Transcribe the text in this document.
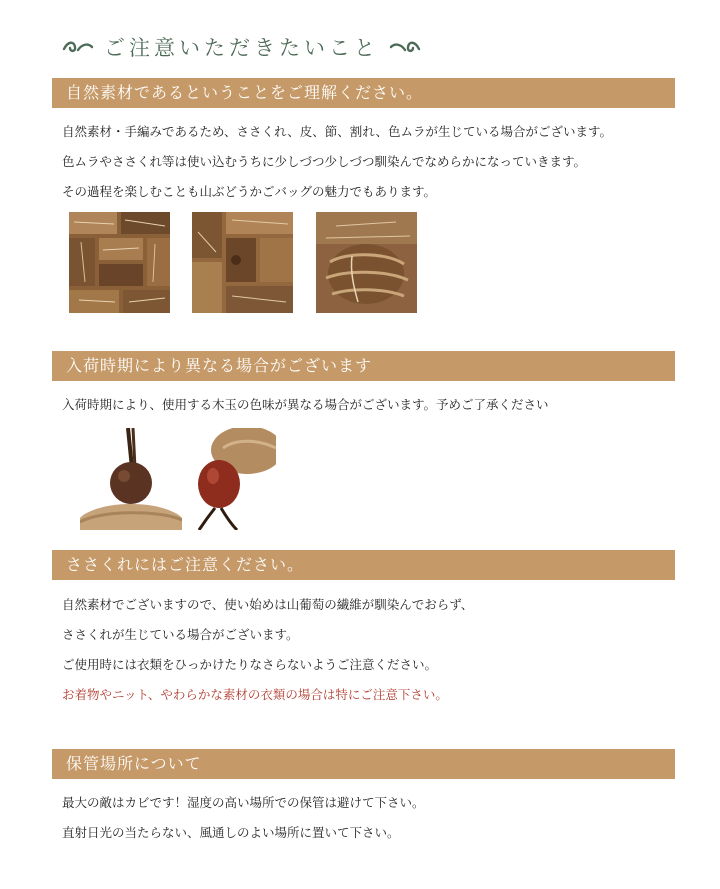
ご注意いただきたいこと
自然素材であるということをご理解ください。

自然素材・手編みであるため、ささくれ、皮、節、割れ、色ムラが生じている場合がございます。

色ムラやささくれ等は使い込むうちに少しづつ少しづつ馴染んでなめらかになっていきます。

その過程を楽しむことも山ぶどうかごバッグの魅力でもあります。

入荷時期により異なる場合がございます

入荷時期により、使用する木玉の色味が異なる場合がございます。予めご了承ください

ささくれにはご注意ください。

自然素材でございますので、使い始めは山葡萄の繊維が馴染んでおらず、

ささくれが生じている場合がございます。

ご使用時には衣類をひっかけたりなさらないようご注意ください。

お着物やニット、やわらかな素材の衣類の場合は特にご注意下さい。

保管場所について

最大の敵はカビです！湿度の高い場所での保管は避けて下さい。

直射日光の当たらない、風通しのよい場所に置いて下さい。
